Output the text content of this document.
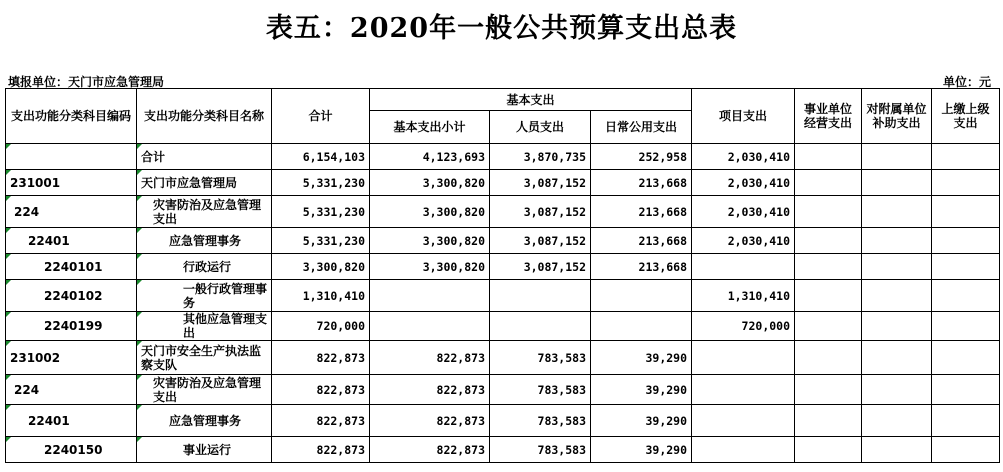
表五：2020年一般公共预算支出总表
填报单位：天门市应急管理局	单位：元
支出功能分类科目编码	支出功能分类科目名称	合计	基本支出			项目支出	事业单位经营支出	对附属单位补助支出	上缴上级支出
			基本支出小计	人员支出	日常公用支出				
	合计	6,154,103	4,123,693	3,870,735	252,958	2,030,410			
231001	天门市应急管理局	5,331,230	3,300,820	3,087,152	213,668	2,030,410			
224	灾害防治及应急管理支出	5,331,230	3,300,820	3,087,152	213,668	2,030,410			
22401	应急管理事务	5,331,230	3,300,820	3,087,152	213,668	2,030,410			
2240101	行政运行	3,300,820	3,300,820	3,087,152	213,668				
2240102	一般行政管理事务	1,310,410				1,310,410			
2240199	其他应急管理支出	720,000				720,000			
231002	天门市安全生产执法监察支队	822,873	822,873	783,583	39,290				
224	灾害防治及应急管理支出	822,873	822,873	783,583	39,290				
22401	应急管理事务	822,873	822,873	783,583	39,290				
2240150	事业运行	822,873	822,873	783,583	39,290				
